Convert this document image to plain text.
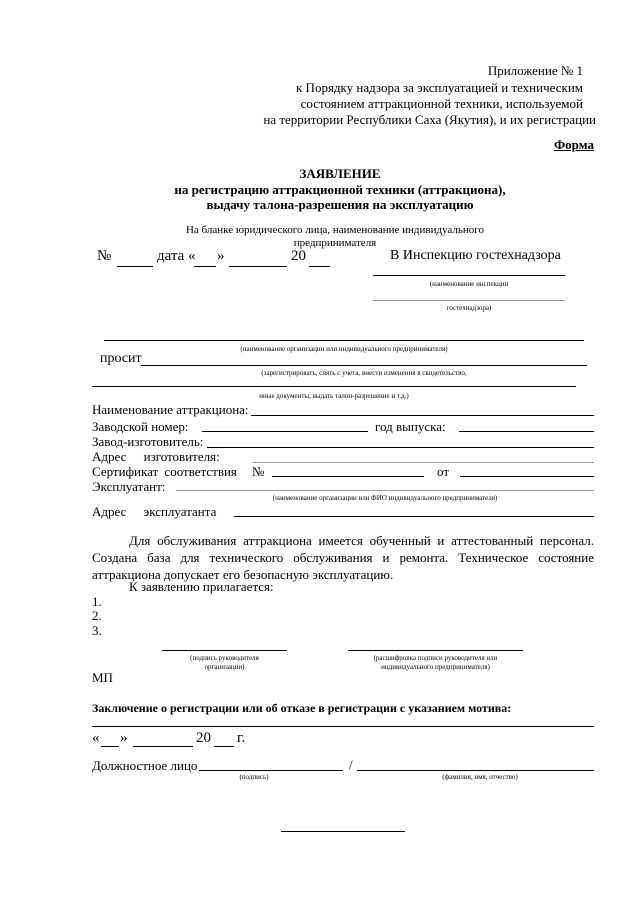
Приложение № 1
к Порядку надзора за эксплуатацией и техническим
состоянием аттракционной техники, используемой
на территории Республики Саха (Якутия), и их регистрации
Форма
ЗАЯВЛЕНИЕ
на регистрацию аттракционной техники (аттракциона),
выдачу талона-разрешения на эксплуатацию
На бланке юридического лица, наименование индивидуального
предпринимателя
№	дата « »	20	В Инспекцию гостехнадзора
(наименование инспекции
гостехнадзора)
(наименование организации или индивидуального предпринимателя)
просит
(зарегистрировать, снять с учета, внести изменения в свидетельство,
иные документы, выдать талон-разрешение и т.д.)
Наименование аттракциона:
Заводской номер:	год выпуска:
Завод-изготовитель:
Адрес изготовителя:
Сертификат соответствия №	от
Эксплуатант:
(наименование организации или ФИО индивидуального предпринимателя)
Адрес эксплуатанта
Для обслуживания аттракциона имеется обученный и аттестованный персонал. Создана база для технического обслуживания и ремонта. Техническое состояние аттракциона допускает его безопасную эксплуатацию.
К заявлению прилагается:
1.
2.
3.
(подпись руководителя
организации)
(расшифровка подписи руководителя или
индивидуального предпринимателя)
МП
Заключение о регистрации или об отказе в регистрации с указанием мотива:
« »	20 г.
Должностное лицо	/
(подпись)	(фамилия, имя, отчество)
